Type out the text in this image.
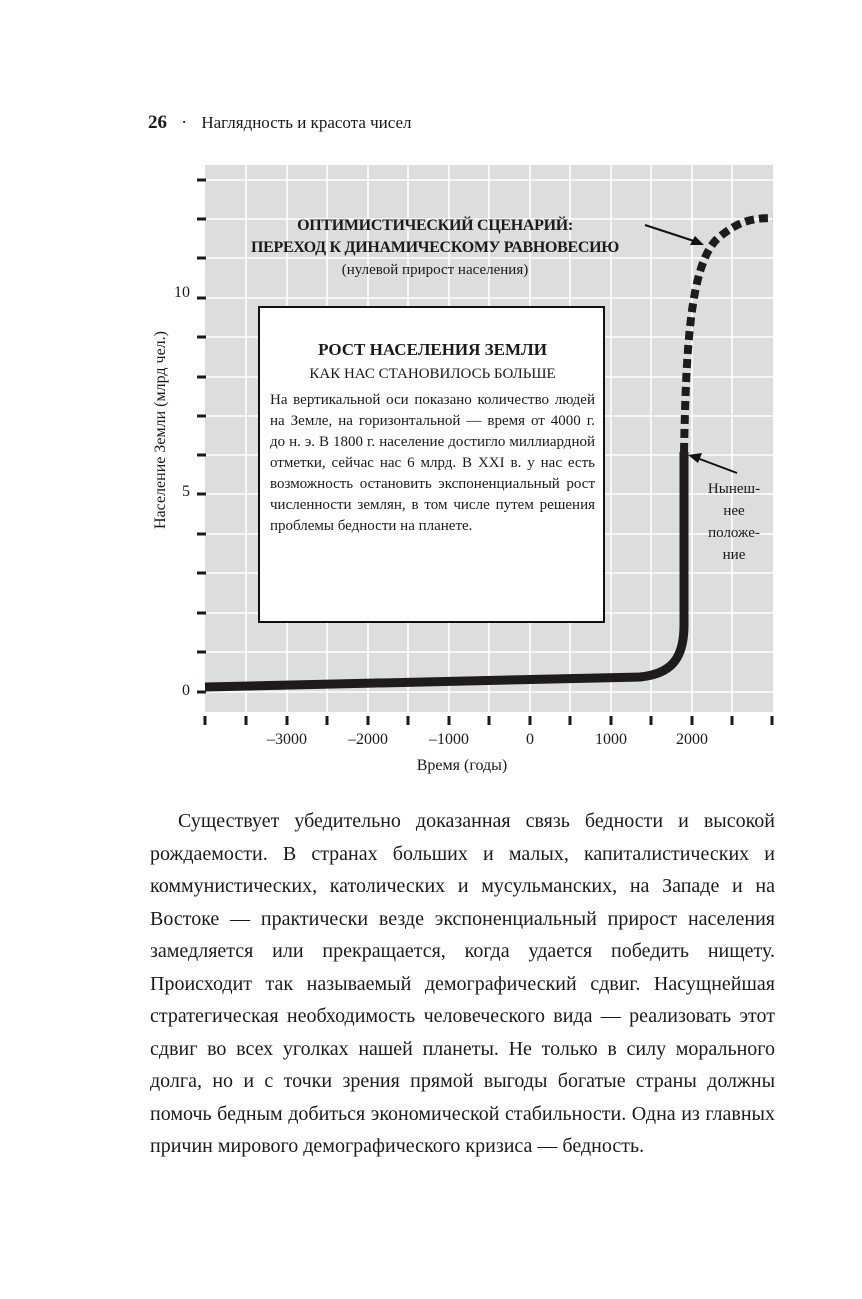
26 · Наглядность и красота чисел
Население Земли (млрд чел.)
10
5
0
–3000	–2000	–1000	0	1000	2000
Время (годы)
ОПТИМИСТИЧЕСКИЙ СЦЕНАРИЙ:
ПЕРЕХОД К ДИНАМИЧЕСКОМУ РАВНОВЕСИЮ
(нулевой прирост населения)
РОСТ НАСЕЛЕНИЯ ЗЕМЛИ
КАК НАС СТАНОВИЛОСЬ БОЛЬШЕ
На вертикальной оси показано количество людей на Земле, на горизонтальной — время от 4000 г. до н. э. В 1800 г. население достигло миллиардной отметки, сейчас нас 6 млрд. В XXI в. у нас есть возможность остановить экспоненциальный рост численности землян, в том числе путем решения проблемы бедности на планете.
Нынеш-
нее
положе-
ние
Существует убедительно доказанная связь бедности и высокой рождаемости. В странах больших и малых, капиталистических и коммунистических, католических и мусульманских, на Западе и на Востоке — практически везде экспоненциальный прирост населения замедляется или прекращается, когда удается победить нищету. Происходит так называемый демографический сдвиг. Насущнейшая стратегическая необходимость человеческого вида — реализовать этот сдвиг во всех уголках нашей планеты. Не только в силу морального долга, но и с точки зрения прямой выгоды богатые страны должны помочь бедным добиться экономической стабильности. Одна из главных причин мирового демографического кризиса — бедность.
